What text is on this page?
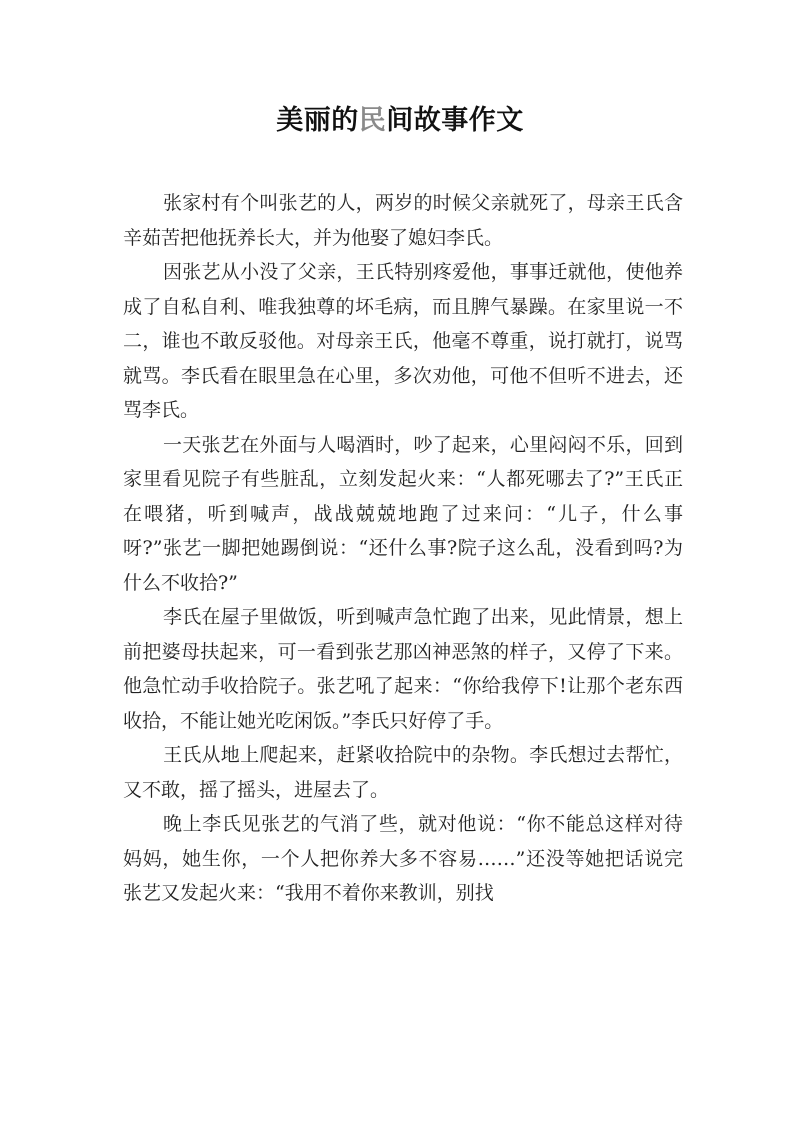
美丽的民间故事作文

张家村有个叫张艺的人，两岁的时候父亲就死了，母亲王氏含辛茹苦把他抚养长大，并为他娶了媳妇李氏。

因张艺从小没了父亲，王氏特别疼爱他，事事迁就他，使他养成了自私自利、唯我独尊的坏毛病，而且脾气暴躁。在家里说一不二，谁也不敢反驳他。对母亲王氏，他毫不尊重，说打就打，说骂就骂。李氏看在眼里急在心里，多次劝他，可他不但听不进去，还骂李氏。

一天张艺在外面与人喝酒时，吵了起来，心里闷闷不乐，回到家里看见院子有些脏乱，立刻发起火来：“人都死哪去了?”王氏正在喂猪，听到喊声，战战兢兢地跑了过来问：“儿子，什么事呀?”张艺一脚把她踢倒说：“还什么事?院子这么乱，没看到吗?为什么不收拾?”

李氏在屋子里做饭，听到喊声急忙跑了出来，见此情景，想上前把婆母扶起来，可一看到张艺那凶神恶煞的样子，又停了下来。他急忙动手收拾院子。张艺吼了起来：“你给我停下!让那个老东西收拾，不能让她光吃闲饭。”李氏只好停了手。

王氏从地上爬起来，赶紧收拾院中的杂物。李氏想过去帮忙，又不敢，摇了摇头，进屋去了。

晚上李氏见张艺的气消了些，就对他说：“你不能总这样对待妈妈，她生你，一个人把你养大多不容易……”还没等她把话说完张艺又发起火来：“我用不着你来教训，别找
